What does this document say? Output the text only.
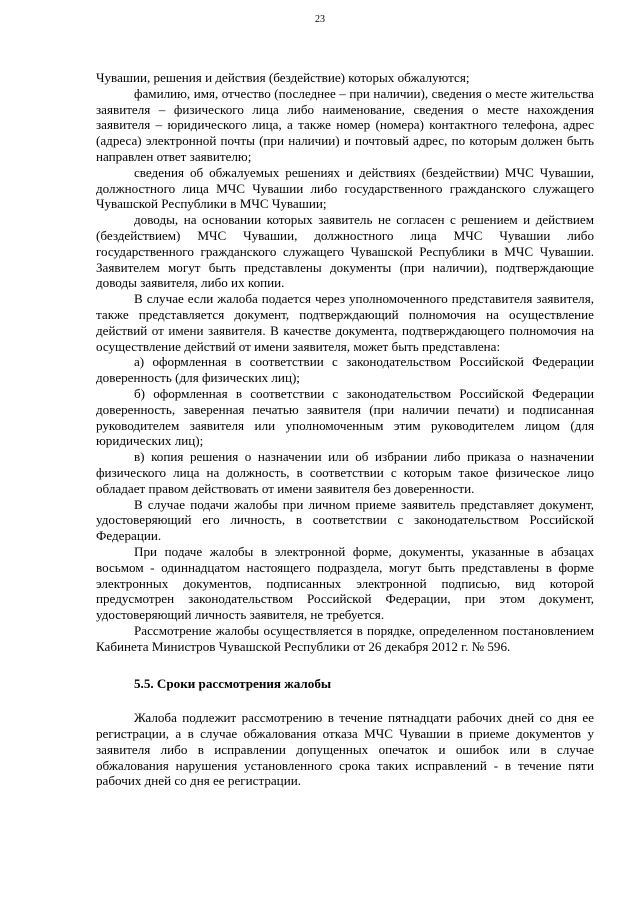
23

Чувашии, решения и действия (бездействие) которых обжалуются;

фамилию, имя, отчество (последнее – при наличии), сведения о месте жительства заявителя – физического лица либо наименование, сведения о месте нахождения заявителя – юридического лица, а также номер (номера) контактного телефона, адрес (адреса) электронной почты (при наличии) и почтовый адрес, по которым должен быть направлен ответ заявителю;

сведения об обжалуемых решениях и действиях (бездействии) МЧС Чувашии, должностного лица МЧС Чувашии либо государственного гражданского служащего Чувашской Республики в МЧС Чувашии;

доводы, на основании которых заявитель не согласен с решением и действием (бездействием) МЧС Чувашии, должностного лица МЧС Чувашии либо государственного гражданского служащего Чувашской Республики в МЧС Чувашии. Заявителем могут быть представлены документы (при наличии), подтверждающие доводы заявителя, либо их копии.

В случае если жалоба подается через уполномоченного представителя заявителя, также представляется документ, подтверждающий полномочия на осуществление действий от имени заявителя. В качестве документа, подтверждающего полномочия на осуществление действий от имени заявителя, может быть представлена:

а) оформленная в соответствии с законодательством Российской Федерации доверенность (для физических лиц);

б) оформленная в соответствии с законодательством Российской Федерации доверенность, заверенная печатью заявителя (при наличии печати) и подписанная руководителем заявителя или уполномоченным этим руководителем лицом (для юридических лиц);

в) копия решения о назначении или об избрании либо приказа о назначении физического лица на должность, в соответствии с которым такое физическое лицо обладает правом действовать от имени заявителя без доверенности.

В случае подачи жалобы при личном приеме заявитель представляет документ, удостоверяющий его личность, в соответствии с законодательством Российской Федерации.

При подаче жалобы в электронной форме, документы, указанные в абзацах восьмом - одиннадцатом настоящего подраздела, могут быть представлены в форме электронных документов, подписанных электронной подписью, вид которой предусмотрен законодательством Российской Федерации, при этом документ, удостоверяющий личность заявителя, не требуется.

Рассмотрение жалобы осуществляется в порядке, определенном постановлением Кабинета Министров Чувашской Республики от 26 декабря 2012 г. № 596.

5.5. Сроки рассмотрения жалобы

Жалоба подлежит рассмотрению в течение пятнадцати рабочих дней со дня ее регистрации, а в случае обжалования отказа МЧС Чувашии в приеме документов у заявителя либо в исправлении допущенных опечаток и ошибок или в случае обжалования нарушения установленного срока таких исправлений - в течение пяти рабочих дней со дня ее регистрации.
